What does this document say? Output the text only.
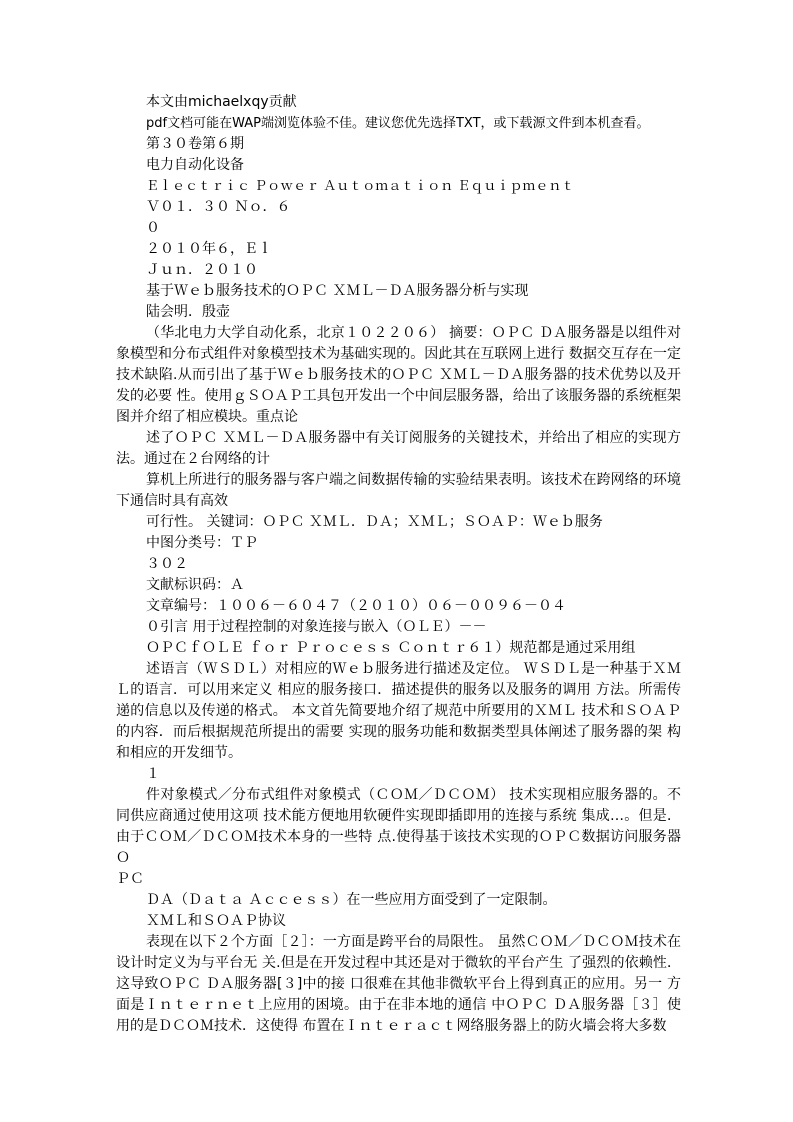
本文由michaelxqy贡献
pdf文档可能在WAP端浏览体验不佳。建议您优先选择TXT，或下载源文件到本机查看。
第３０卷第６期
电力自动化设备
Ｅｌｅｃｔｒｉｃ Ｐｏｗｅｒ Ａｕｔｏｍａｔｉｏｎ Ｅｑｕｉｐｍｅｎｔ
Ｖ０１．３０ Ｎｏ．６
０
２０１０年６，Ｅｌ
Ｊｕｎ．２０１０
基于Ｗｅｂ服务技术的ＯＰＣ ＸＭＬ－ＤＡ服务器分析与实现
陆会明．殷壶
（华北电力大学自动化系，北京１０２２０６） 摘要：ＯＰＣ ＤＡ服务器是以组件对象模型和分布式组件对象模型技术为基础实现的。因此其在互联网上进行 数据交互存在一定技术缺陷.从而引出了基于Ｗｅｂ服务技术的ＯＰＣ ＸＭＬ－ＤＡ服务器的技术优势以及开发的必要 性。使用ｇＳＯＡＰ工具包开发出一个中间层服务器，给出了该服务器的系统框架图并介绍了相应模块。重点论
述了ＯＰＣ ＸＭＬ－ＤＡ服务器中有关订阅服务的关键技术，并给出了相应的实现方法。通过在２台网络的计
算机上所进行的服务器与客户端之间数据传输的实验结果表明。该技术在跨网络的环境下通信时具有高效
可行性。 关键词：ＯＰＣ ＸＭＬ．ＤＡ；ＸＭＬ；ＳＯＡＰ：Ｗｅｂ服务
中图分类号：ＴＰ
３０２
文献标识码：Ａ
文章编号：１００６－６０４７（２０１０）０６－００９６－０４
０引言 用于过程控制的对象连接与嵌入（ＯＬＥ）－－
ＯＰＣｆＯＬＥ ｆｏｒ Ｐｒｏｃｅｓｓ Ｃｏｎｔｒ６１）规范都是通过采用组
述语言（ＷＳＤＬ）对相应的Ｗｅｂ服务进行描述及定位。 ＷＳＤＬ是一种基于ＸＭＬ的语言．可以用来定义 相应的服务接口．描述提供的服务以及服务的调用 方法。所需传递的信息以及传递的格式。 本文首先简要地介绍了规范中所要用的ＸＭＬ 技术和ＳＯＡＰ的内容．而后根据规范所提出的需要 实现的服务功能和数据类型具体阐述了服务器的架 构和相应的开发细节。
１
件对象模式／分布式组件对象模式（ＣＯＭ／ＤＣＯＭ） 技术实现相应服务器的。不同供应商通过使用这项 技术能方便地用软硬件实现即插即用的连接与系统 集成…。但是．由于ＣＯＭ／ＤＣＯＭ技术本身的一些特 点.使得基于该技术实现的ＯＰＣ数据访问服务器Ｏ
ＰＣ
ＤＡ（Ｄａｔａ Ａｃｃｅｓｓ）在一些应用方面受到了一定限制。
ＸＭＬ和ＳＯＡＰ协议
表现在以下２个方面［２］：一方面是跨平台的局限性。 虽然ＣＯＭ／ＤＣＯＭ技术在设计时定义为与平台无 关.但是在开发过程中其还是对于微软的平台产生 了强烈的依赖性．这导致ＯＰＣ ＤＡ服务器[３]中的接 口很难在其他非微软平台上得到真正的应用。另一 方面是Ｉｎｔｅｒｎｅｔ上应用的困境。由于在非本地的通信 中ＯＰＣ ＤＡ服务器［３］使用的是ＤＣＯＭ技术．这使得 布置在Ｉｎｔｅｒａｃｔ网络服务器上的防火墙会将大多数
